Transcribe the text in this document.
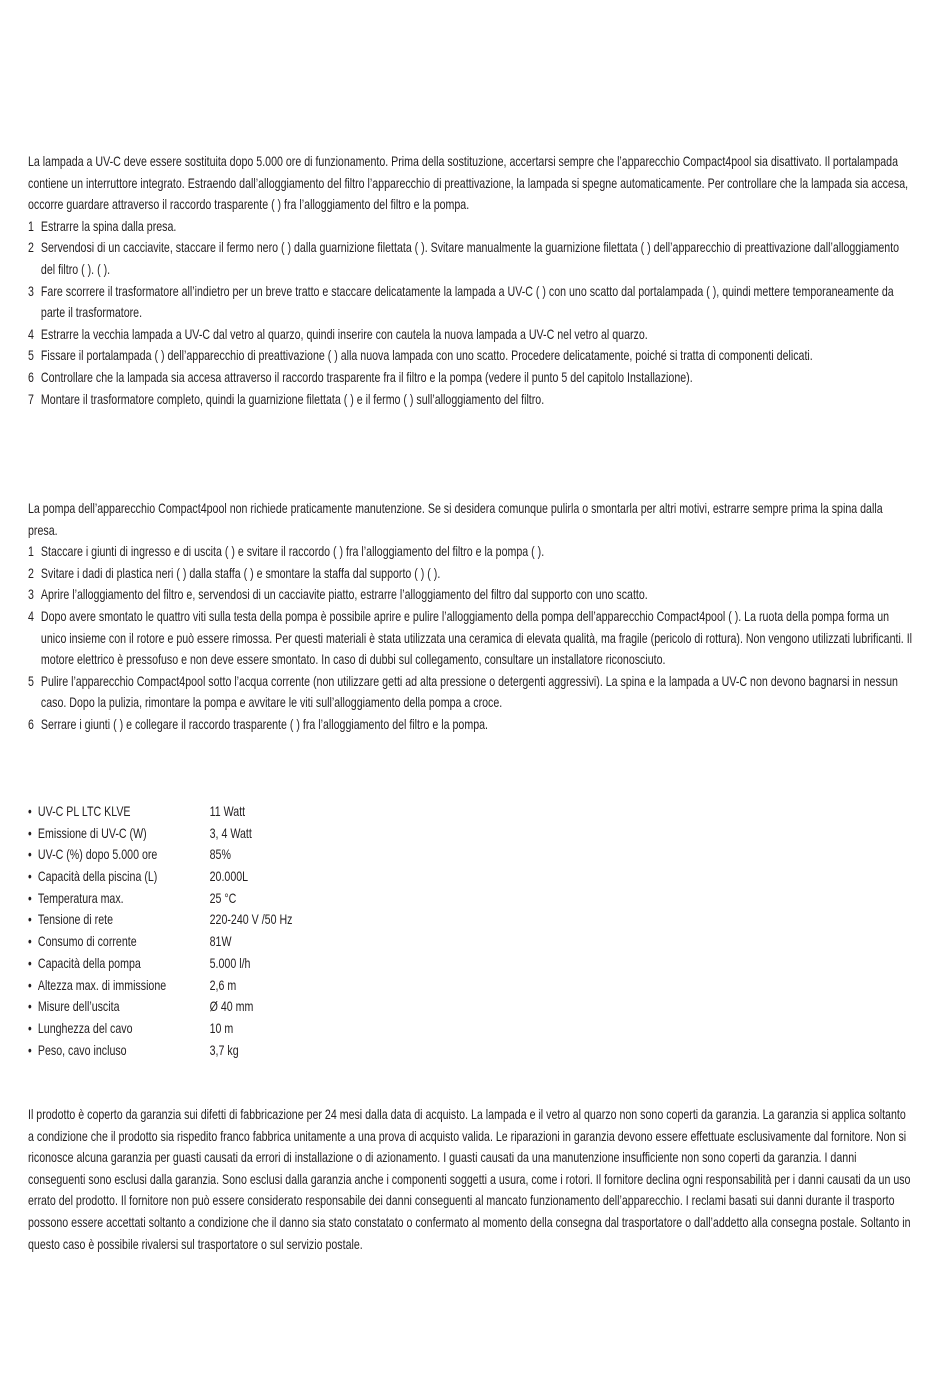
La lampada a UV-C deve essere sostituita dopo 5.000 ore di funzionamento. Prima della sostituzione, accertarsi sempre che l’apparecchio Compact4pool sia disattivato. Il portalampada contiene un interruttore integrato. Estraendo dall’alloggiamento del filtro l’apparecchio di preattivazione, la lampada si spegne automaticamente. Per controllare che la lampada sia accesa, occorre guardare attraverso il raccordo trasparente ( ) fra l’alloggiamento del filtro e la pompa.

1 Estrarre la spina dalla presa.
2 Servendosi di un cacciavite, staccare il fermo nero ( ) dalla guarnizione filettata ( ). Svitare manualmente la guarnizione filettata ( ) dell’apparecchio di preattivazione dall’alloggiamento del filtro ( ). ( ).
3 Fare scorrere il trasformatore all’indietro per un breve tratto e staccare delicatamente la lampada a UV-C ( ) con uno scatto dal portalampada ( ), quindi mettere temporaneamente da parte il trasformatore.
4 Estrarre la vecchia lampada a UV-C dal vetro al quarzo, quindi inserire con cautela la nuova lampada a UV-C nel vetro al quarzo.
5 Fissare il portalampada ( ) dell’apparecchio di preattivazione ( ) alla nuova lampada con uno scatto. Procedere delicatamente, poiché si tratta di componenti delicati.
6 Controllare che la lampada sia accesa attraverso il raccordo trasparente fra il filtro e la pompa (vedere il punto 5 del capitolo Installazione).
7 Montare il trasformatore completo, quindi la guarnizione filettata ( ) e il fermo ( ) sull’alloggiamento del filtro.

La pompa dell’apparecchio Compact4pool non richiede praticamente manutenzione. Se si desidera comunque pulirla o smontarla per altri motivi, estrarre sempre prima la spina dalla presa.

1 Staccare i giunti di ingresso e di uscita ( ) e svitare il raccordo ( ) fra l’alloggiamento del filtro e la pompa ( ).
2 Svitare i dadi di plastica neri ( ) dalla staffa ( ) e smontare la staffa dal supporto ( ) ( ).
3 Aprire l’alloggiamento del filtro e, servendosi di un cacciavite piatto, estrarre l’alloggiamento del filtro dal supporto con uno scatto.
4 Dopo avere smontato le quattro viti sulla testa della pompa è possibile aprire e pulire l’alloggiamento della pompa dell’apparecchio Compact4pool ( ). La ruota della pompa forma un unico insieme con il rotore e può essere rimossa. Per questi materiali è stata utilizzata una ceramica di elevata qualità, ma fragile (pericolo di rottura). Non vengono utilizzati lubrificanti. Il motore elettrico è pressofuso e non deve essere smontato. In caso di dubbi sul collegamento, consultare un installatore riconosciuto.
5 Pulire l’apparecchio Compact4pool sotto l’acqua corrente (non utilizzare getti ad alta pressione o detergenti aggressivi). La spina e la lampada a UV-C non devono bagnarsi in nessun caso. Dopo la pulizia, rimontare la pompa e avvitare le viti sull’alloggiamento della pompa a croce.
6 Serrare i giunti ( ) e collegare il raccordo trasparente ( ) fra l’alloggiamento del filtro e la pompa.
• UV-C PL LTC KLVE	11 Watt
• Emissione di UV-C (W)	3, 4 Watt
• UV-C (%) dopo 5.000 ore	85%
• Capacità della piscina (L)	20.000L
• Temperatura max.	25 °C
• Tensione di rete	220-240 V /50 Hz
• Consumo di corrente	81W
• Capacità della pompa	5.000 l/h
• Altezza max. di immissione	2,6 m
• Misure dell’uscita	Ø 40 mm
• Lunghezza del cavo	10 m
• Peso, cavo incluso	3,7 kg

Il prodotto è coperto da garanzia sui difetti di fabbricazione per 24 mesi dalla data di acquisto. La lampada e il vetro al quarzo non sono coperti da garanzia. La garanzia si applica soltanto a condizione che il prodotto sia rispedito franco fabbrica unitamente a una prova di acquisto valida. Le riparazioni in garanzia devono essere effettuate esclusivamente dal fornitore. Non si riconosce alcuna garanzia per guasti causati da errori di installazione o di azionamento. I guasti causati da una manutenzione insufficiente non sono coperti da garanzia. I danni conseguenti sono esclusi dalla garanzia. Sono esclusi dalla garanzia anche i componenti soggetti a usura, come i rotori. Il fornitore declina ogni responsabilità per i danni causati da un uso errato del prodotto. Il fornitore non può essere considerato responsabile dei danni conseguenti al mancato funzionamento dell’apparecchio. I reclami basati sui danni durante il trasporto possono essere accettati soltanto a condizione che il danno sia stato constatato o confermato al momento della consegna dal trasportatore o dall’addetto alla consegna postale. Soltanto in questo caso è possibile rivalersi sul trasportatore o sul servizio postale.
